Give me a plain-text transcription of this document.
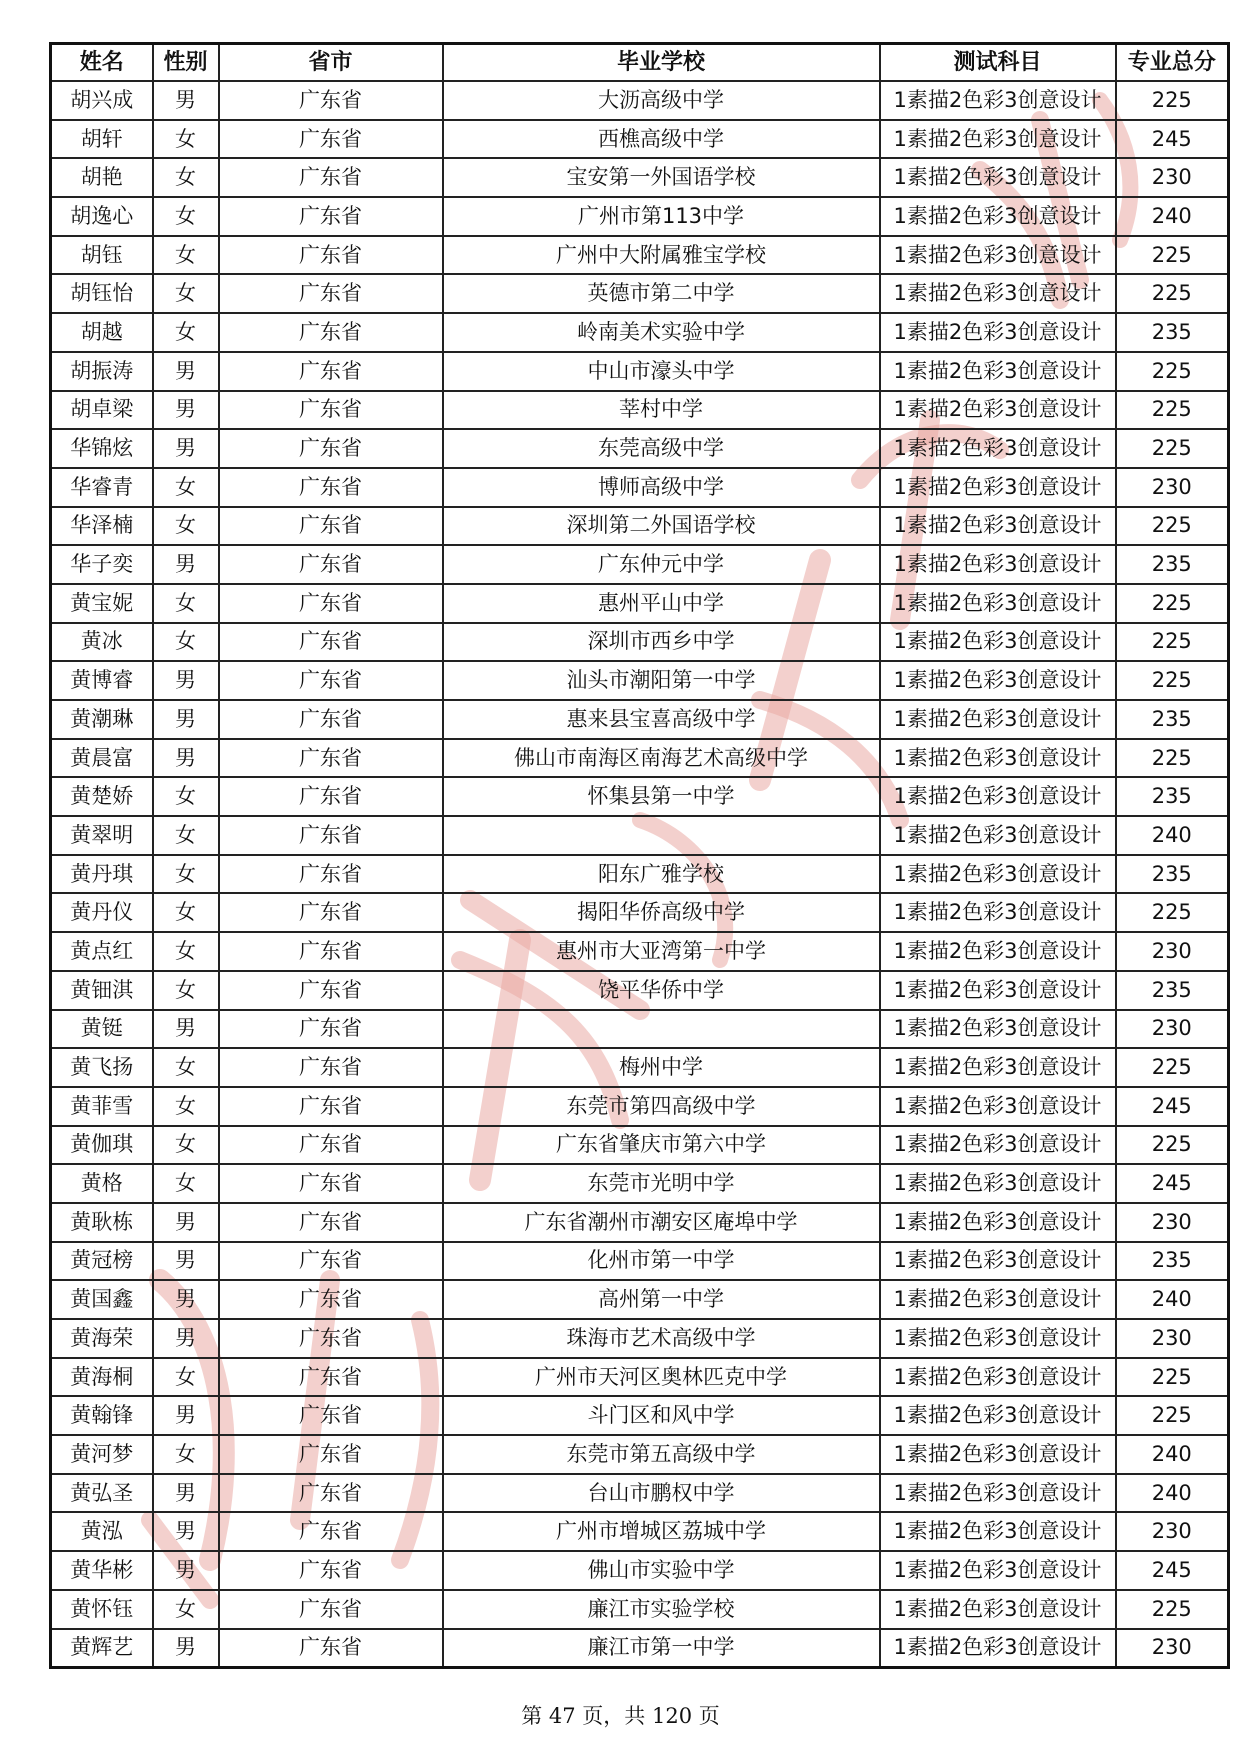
姓名	性别	省市	毕业学校	测试科目	专业总分
胡兴成	男	广东省	大沥高级中学	1素描2色彩3创意设计	225
胡轩	女	广东省	西樵高级中学	1素描2色彩3创意设计	245
胡艳	女	广东省	宝安第一外国语学校	1素描2色彩3创意设计	230
胡逸心	女	广东省	广州市第113中学	1素描2色彩3创意设计	240
胡钰	女	广东省	广州中大附属雅宝学校	1素描2色彩3创意设计	225
胡钰怡	女	广东省	英德市第二中学	1素描2色彩3创意设计	225
胡越	女	广东省	岭南美术实验中学	1素描2色彩3创意设计	235
胡振涛	男	广东省	中山市濠头中学	1素描2色彩3创意设计	225
胡卓梁	男	广东省	莘村中学	1素描2色彩3创意设计	225
华锦炫	男	广东省	东莞高级中学	1素描2色彩3创意设计	225
华睿青	女	广东省	博师高级中学	1素描2色彩3创意设计	230
华泽楠	女	广东省	深圳第二外国语学校	1素描2色彩3创意设计	225
华子奕	男	广东省	广东仲元中学	1素描2色彩3创意设计	235
黄宝妮	女	广东省	惠州平山中学	1素描2色彩3创意设计	225
黄冰	女	广东省	深圳市西乡中学	1素描2色彩3创意设计	225
黄博睿	男	广东省	汕头市潮阳第一中学	1素描2色彩3创意设计	225
黄潮琳	男	广东省	惠来县宝喜高级中学	1素描2色彩3创意设计	235
黄晨富	男	广东省	佛山市南海区南海艺术高级中学	1素描2色彩3创意设计	225
黄楚娇	女	广东省	怀集县第一中学	1素描2色彩3创意设计	235
黄翠明	女	广东省		1素描2色彩3创意设计	240
黄丹琪	女	广东省	阳东广雅学校	1素描2色彩3创意设计	235
黄丹仪	女	广东省	揭阳华侨高级中学	1素描2色彩3创意设计	225
黄点红	女	广东省	惠州市大亚湾第一中学	1素描2色彩3创意设计	230
黄钿淇	女	广东省	饶平华侨中学	1素描2色彩3创意设计	235
黄铤	男	广东省		1素描2色彩3创意设计	230
黄飞扬	女	广东省	梅州中学	1素描2色彩3创意设计	225
黄菲雪	女	广东省	东莞市第四高级中学	1素描2色彩3创意设计	245
黄伽琪	女	广东省	广东省肇庆市第六中学	1素描2色彩3创意设计	225
黄格	女	广东省	东莞市光明中学	1素描2色彩3创意设计	245
黄耿栋	男	广东省	广东省潮州市潮安区庵埠中学	1素描2色彩3创意设计	230
黄冠榜	男	广东省	化州市第一中学	1素描2色彩3创意设计	235
黄国鑫	男	广东省	高州第一中学	1素描2色彩3创意设计	240
黄海荣	男	广东省	珠海市艺术高级中学	1素描2色彩3创意设计	230
黄海桐	女	广东省	广州市天河区奥林匹克中学	1素描2色彩3创意设计	225
黄翰锋	男	广东省	斗门区和风中学	1素描2色彩3创意设计	225
黄河梦	女	广东省	东莞市第五高级中学	1素描2色彩3创意设计	240
黄弘圣	男	广东省	台山市鹏权中学	1素描2色彩3创意设计	240
黄泓	男	广东省	广州市增城区荔城中学	1素描2色彩3创意设计	230
黄华彬	男	广东省	佛山市实验中学	1素描2色彩3创意设计	245
黄怀钰	女	广东省	廉江市实验学校	1素描2色彩3创意设计	225
黄辉艺	男	广东省	廉江市第一中学	1素描2色彩3创意设计	230
第 47 页，共 120 页
